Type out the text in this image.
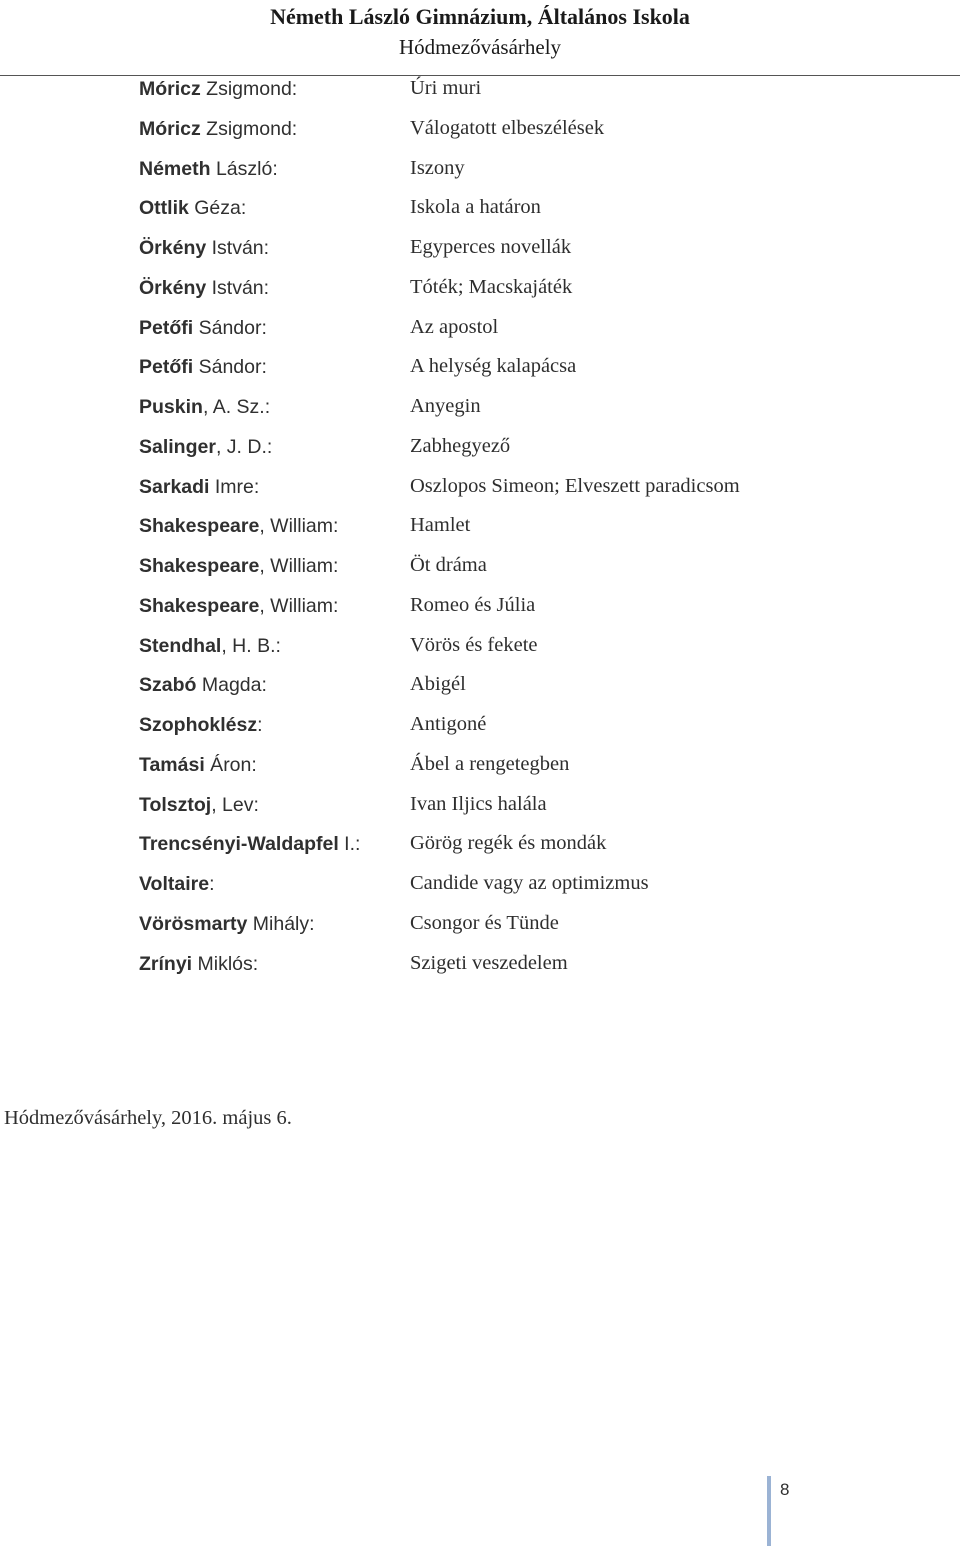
Németh László Gimnázium, Általános Iskola
Hódmezővásárhely
Móricz Zsigmond:	Úri muri
Móricz Zsigmond:	Válogatott elbeszélések
Németh László:	Iszony
Ottlik Géza:	Iskola a határon
Örkény István:	Egyperces novellák
Örkény István:	Tóték; Macskajáték
Petőfi Sándor:	Az apostol
Petőfi Sándor:	A helység kalapácsa
Puskin, A. Sz.:	Anyegin
Salinger, J. D.:	Zabhegyező
Sarkadi Imre:	Oszlopos Simeon; Elveszett paradicsom
Shakespeare, William:	Hamlet
Shakespeare, William:	Öt dráma
Shakespeare, William:	Romeo és Júlia
Stendhal, H. B.:	Vörös és fekete
Szabó Magda:	Abigél
Szophoklész:	Antigoné
Tamási Áron:	Ábel a rengetegben
Tolsztoj, Lev:	Ivan Iljics halála
Trencsényi-Waldapfel I.: Görög regék és mondák
Voltaire:	Candide vagy az optimizmus
Vörösmarty Mihály:	Csongor és Tünde
Zrínyi Miklós:	Szigeti veszedelem
Hódmezővásárhely, 2016. május 6.
8
